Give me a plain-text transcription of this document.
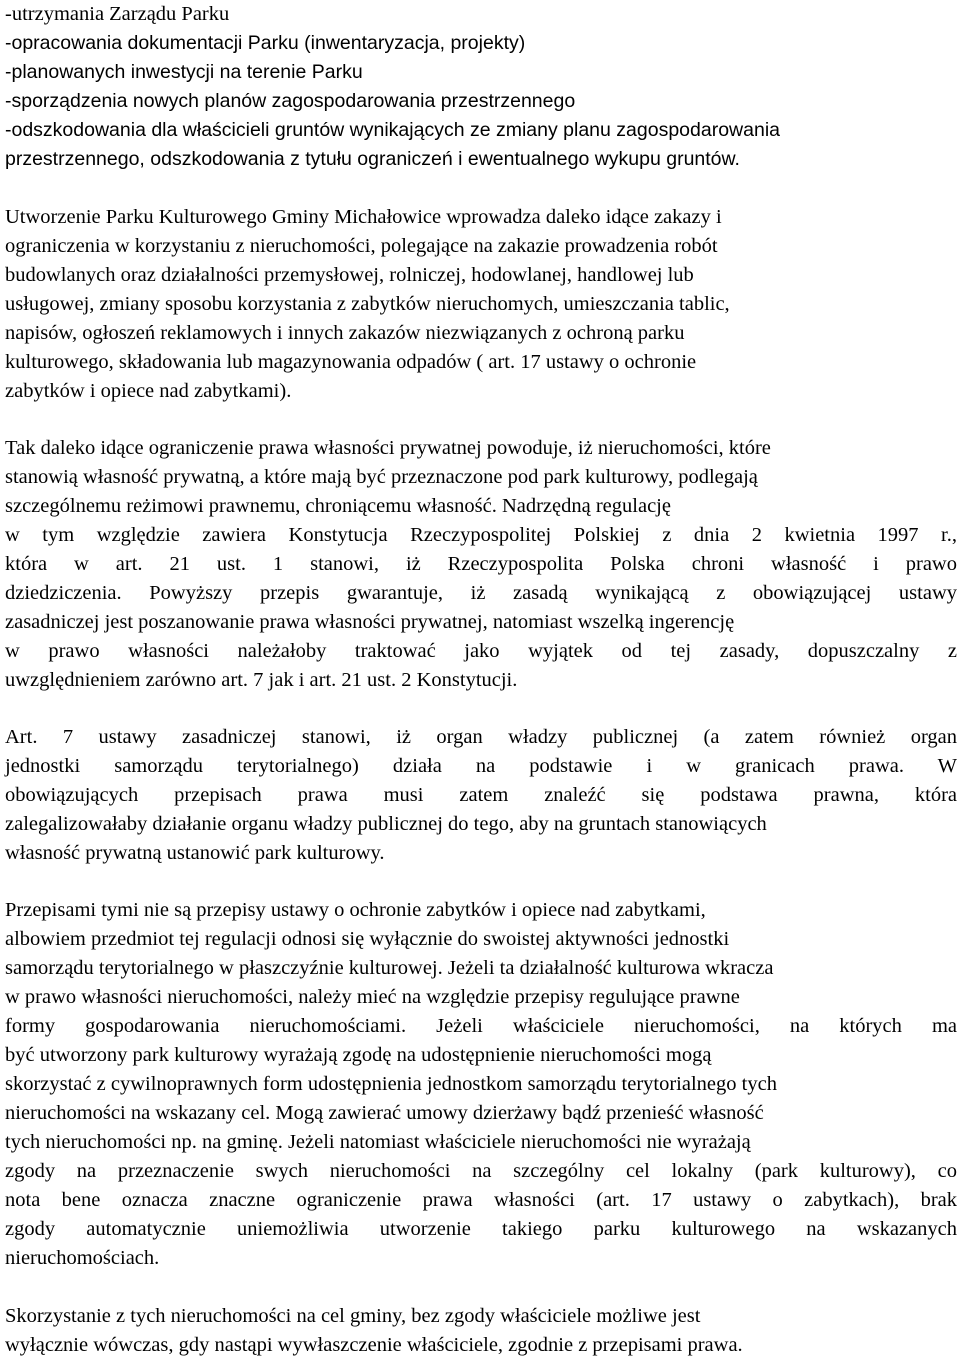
-utrzymania Zarządu Parku
-opracowania dokumentacji Parku (inwentaryzacja, projekty)
-planowanych inwestycji na terenie Parku
-sporządzenia nowych planów zagospodarowania przestrzennego
-odszkodowania dla właścicieli gruntów wynikających ze zmiany planu zagospodarowania
przestrzennego, odszkodowania z tytułu ograniczeń i ewentualnego wykupu gruntów.
Utworzenie Parku Kulturowego Gminy Michałowice wprowadza daleko idące zakazy i
ograniczenia w korzystaniu z nieruchomości, polegające na zakazie prowadzenia robót
budowlanych oraz działalności przemysłowej, rolniczej, hodowlanej, handlowej lub
usługowej, zmiany sposobu korzystania z zabytków nieruchomych, umieszczania tablic,
napisów, ogłoszeń reklamowych i innych zakazów niezwiązanych z ochroną parku
kulturowego, składowania lub magazynowania odpadów ( art. 17 ustawy o ochronie
zabytków i opiece nad zabytkami).
Tak daleko idące ograniczenie prawa własności prywatnej powoduje, iż nieruchomości, które
stanowią własność prywatną, a które mają być przeznaczone pod park kulturowy, podlegają
szczególnemu reżimowi prawnemu, chroniącemu własność. Nadrzędną regulację
w tym względzie zawiera Konstytucja Rzeczypospolitej Polskiej z dnia 2 kwietnia 1997 r.,
która w art. 21 ust. 1 stanowi, iż Rzeczypospolita Polska chroni własność i prawo
dziedziczenia. Powyższy przepis gwarantuje, iż zasadą wynikającą z obowiązującej ustawy
zasadniczej jest poszanowanie prawa własności prywatnej, natomiast wszelką ingerencję
w prawo własności należałoby traktować jako wyjątek od tej zasady, dopuszczalny z
uwzględnieniem zarówno art. 7 jak i art. 21 ust. 2 Konstytucji.
Art. 7 ustawy zasadniczej stanowi, iż organ władzy publicznej (a zatem również organ
jednostki samorządu terytorialnego) działa na podstawie i w granicach prawa. W
obowiązujących przepisach prawa musi zatem znaleźć się podstawa prawna, która
zalegalizowałaby działanie organu władzy publicznej do tego, aby na gruntach stanowiących
własność prywatną ustanowić park kulturowy.
Przepisami tymi nie są przepisy ustawy o ochronie zabytków i opiece nad zabytkami,
albowiem przedmiot tej regulacji odnosi się wyłącznie do swoistej aktywności jednostki
samorządu terytorialnego w płaszczyźnie kulturowej. Jeżeli ta działalność kulturowa wkracza
w prawo własności nieruchomości, należy mieć na względzie przepisy regulujące prawne
formy gospodarowania nieruchomościami. Jeżeli właściciele nieruchomości, na których ma
być utworzony park kulturowy wyrażają zgodę na udostępnienie nieruchomości mogą
skorzystać z cywilnoprawnych form udostępnienia jednostkom samorządu terytorialnego tych
nieruchomości na wskazany cel. Mogą zawierać umowy dzierżawy bądź przenieść własność
tych nieruchomości np. na gminę. Jeżeli natomiast właściciele nieruchomości nie wyrażają
zgody na przeznaczenie swych nieruchomości na szczególny cel lokalny (park kulturowy), co
nota bene oznacza znaczne ograniczenie prawa własności (art. 17 ustawy o zabytkach), brak
zgody automatycznie uniemożliwia utworzenie takiego parku kulturowego na wskazanych
nieruchomościach.
Skorzystanie z tych nieruchomości na cel gminy, bez zgody właściciele możliwe jest
wyłącznie wówczas, gdy nastąpi wywłaszczenie właściciele, zgodnie z przepisami prawa.
